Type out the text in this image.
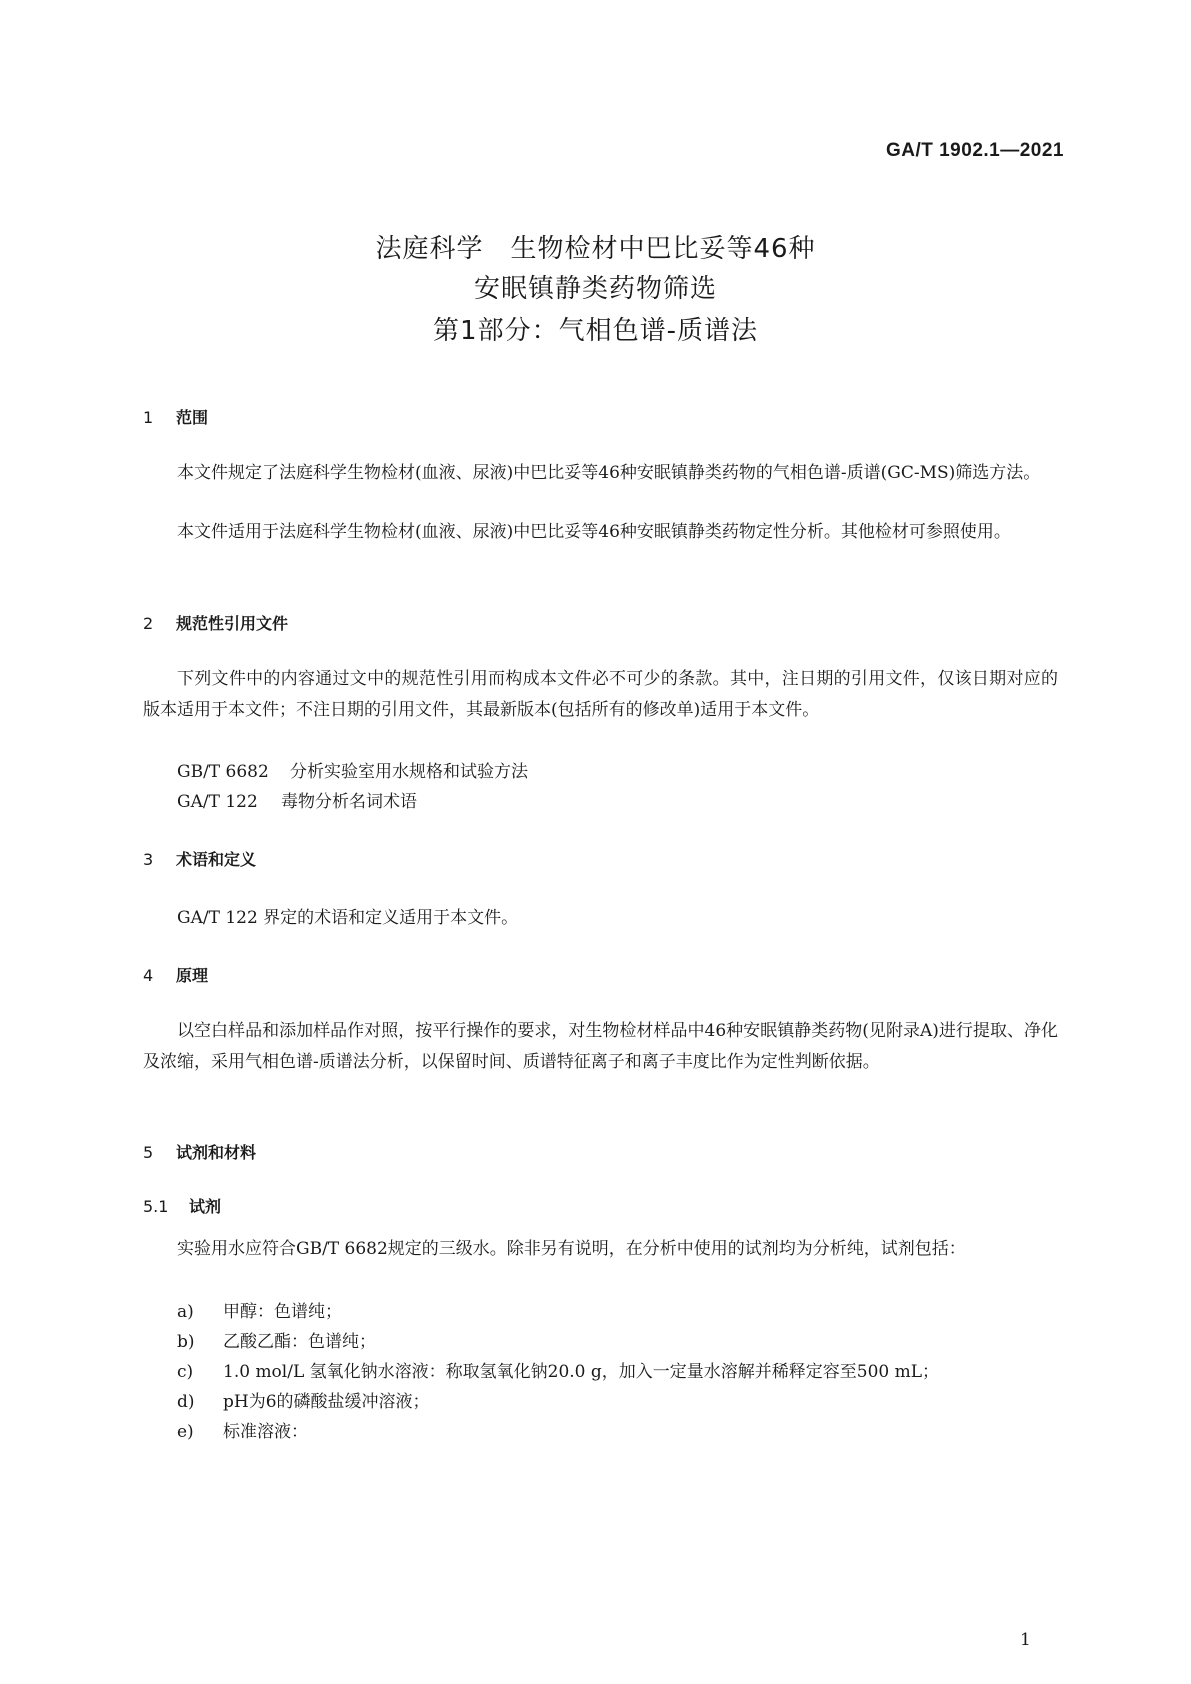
GA/T 1902.1—2021
法庭科学　生物检材中巴比妥等46种
安眠镇静类药物筛选
第1部分：气相色谱-质谱法
1 范围
本文件规定了法庭科学生物检材(血液、尿液)中巴比妥等46种安眠镇静类药物的气相色谱-质谱(GC-MS)筛选方法。
本文件适用于法庭科学生物检材(血液、尿液)中巴比妥等46种安眠镇静类药物定性分析。其他检材可参照使用。
2 规范性引用文件
下列文件中的内容通过文中的规范性引用而构成本文件必不可少的条款。其中，注日期的引用文件，仅该日期对应的版本适用于本文件；不注日期的引用文件，其最新版本(包括所有的修改单)适用于本文件。
GB/T 6682 分析实验室用水规格和试验方法
GA/T 122 毒物分析名词术语
3 术语和定义
GA/T 122 界定的术语和定义适用于本文件。
4 原理
以空白样品和添加样品作对照，按平行操作的要求，对生物检材样品中46种安眠镇静类药物(见附录A)进行提取、净化及浓缩，采用气相色谱-质谱法分析，以保留时间、质谱特征离子和离子丰度比作为定性判断依据。
5 试剂和材料
5.1 试剂
实验用水应符合GB/T 6682规定的三级水。除非另有说明，在分析中使用的试剂均为分析纯，试剂包括：
a) 甲醇：色谱纯；
b) 乙酸乙酯：色谱纯；
c) 1.0 mol/L 氢氧化钠水溶液：称取氢氧化钠20.0 g，加入一定量水溶解并稀释定容至500 mL；
d) pH为6的磷酸盐缓冲溶液；
e) 标准溶液：
1
